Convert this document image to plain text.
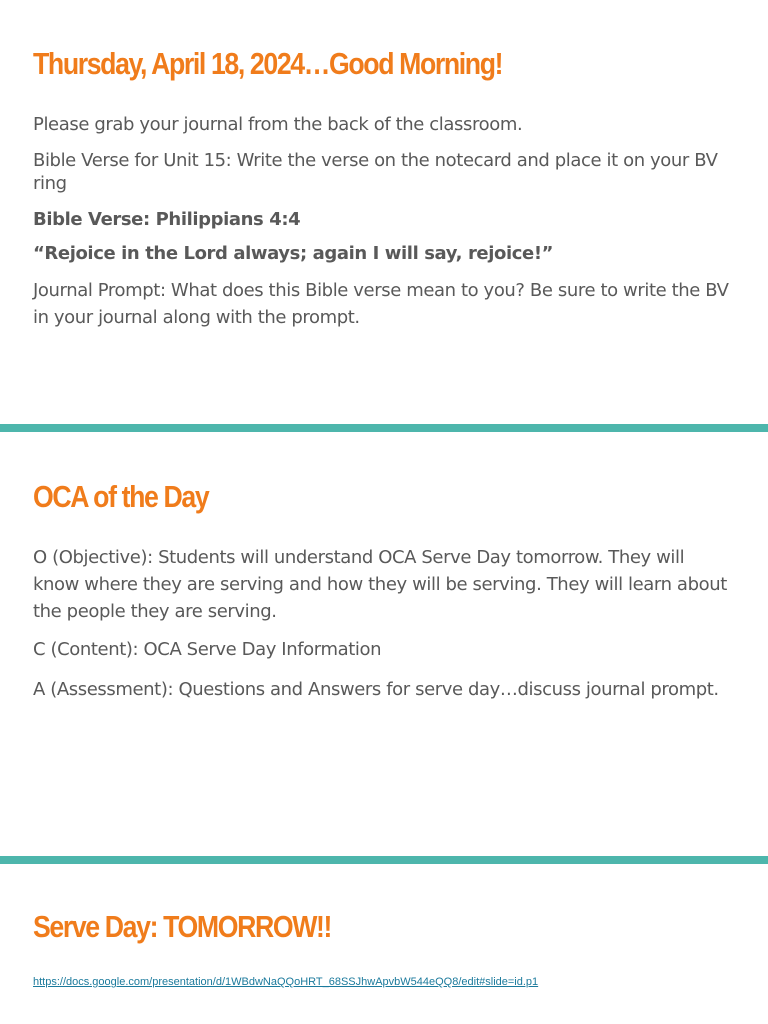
Thursday, April 18, 2024…Good Morning!

Please grab your journal from the back of the classroom.

Bible Verse for Unit 15: Write the verse on the notecard and place it on your BV ring

Bible Verse: Philippians 4:4

“Rejoice in the Lord always; again I will say, rejoice!”

Journal Prompt: What does this Bible verse mean to you? Be sure to write the BV in your journal along with the prompt.

OCA of the Day

O (Objective): Students will understand OCA Serve Day tomorrow. They will know where they are serving and how they will be serving. They will learn about the people they are serving.

C (Content): OCA Serve Day Information

A (Assessment): Questions and Answers for serve day…discuss journal prompt.

Serve Day: TOMORROW!!
https://docs.google.com/presentation/d/1WBdwNaQQoHRT_68SSJhwApvbW544eQQ8/edit#slide=id.p1
